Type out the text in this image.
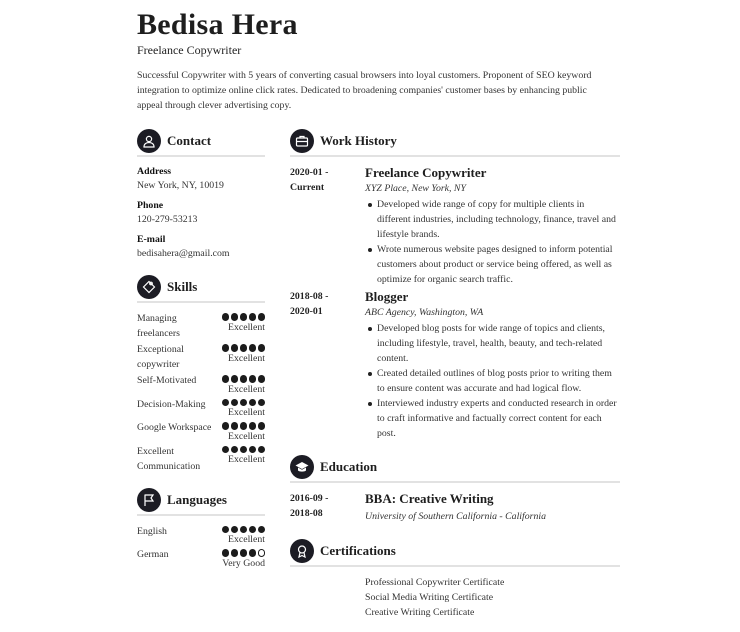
Bedisa Hera
Freelance Copywriter
Successful Copywriter with 5 years of converting casual browsers into loyal customers. Proponent of SEO keyword integration to optimize online click rates. Dedicated to broadening companies' customer bases by enhancing public appeal through clever advertising copy.
Contact
Address
New York, NY, 10019
Phone
120-279-53213
E-mail
bedisahera@gmail.com
Skills
Managing freelancers
Excellent
Exceptional copywriter
Excellent
Self-Motivated
Excellent
Decision-Making
Excellent
Google Workspace
Excellent
Excellent Communication
Excellent
Languages
English
Excellent
German
Very Good
Work History
2020-01 -
Current
Freelance Copywriter
XYZ Place, New York, NY
Developed wide range of copy for multiple clients in different industries, including technology, finance, travel and lifestyle brands.
Wrote numerous website pages designed to inform potential customers about product or service being offered, as well as optimize for organic search traffic.
2018-08 -
2020-01
Blogger
ABC Agency, Washington, WA
Developed blog posts for wide range of topics and clients, including lifestyle, travel, health, beauty, and tech-related content.
Created detailed outlines of blog posts prior to writing them to ensure content was accurate and had logical flow.
Interviewed industry experts and conducted research in order to craft informative and factually correct content for each post.
Education
2016-09 -
2018-08
BBA: Creative Writing
University of Southern California - California
Certifications
Professional Copywriter Certificate
Social Media Writing Certificate
Creative Writing Certificate
